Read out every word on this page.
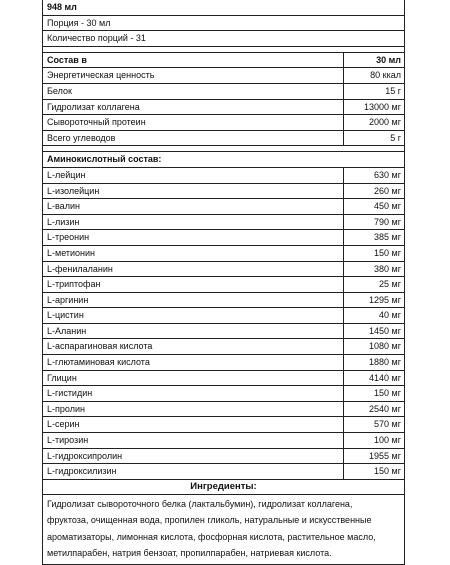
948 мл
Порция - 30 мл
Количество порций - 31
Состав в	30 мл
Энергетическая ценность	80 ккал
Белок	15 г
Гидролизат коллагена	13000 мг
Сывороточный протеин	2000 мг
Всего углеводов	5 г
Аминокислотный состав:
L-лейцин	630 мг
L-изолейцин	260 мг
L-валин	450 мг
L-лизин	790 мг
L-треонин	385 мг
L-метионин	150 мг
L-фенилаланин	380 мг
L-триптофан	25 мг
L-аргинин	1295 мг
L-цистин	40 мг
L-Аланин	1450 мг
L-аспарагиновая кислота	1080 мг
L-глютаминовая кислота	1880 мг
Глицин	4140 мг
L-гистидин	150 мг
L-пролин	2540 мг
L-серин	570 мг
L-тирозин	100 мг
L-гидроксипролин	1955 мг
L-гидроксилизин	150 мг
Ингредиенты:
Гидролизат сывороточного белка (лактальбумин), гидролизат коллагена,
фруктоза, очищенная вода, пропилен гликоль, натуральные и искусственные
ароматизаторы, лимонная кислота, фосфорная кислота, растительное масло,
метилпарабен, натрия бензоат, пропилпарабен, натриевая кислота.
